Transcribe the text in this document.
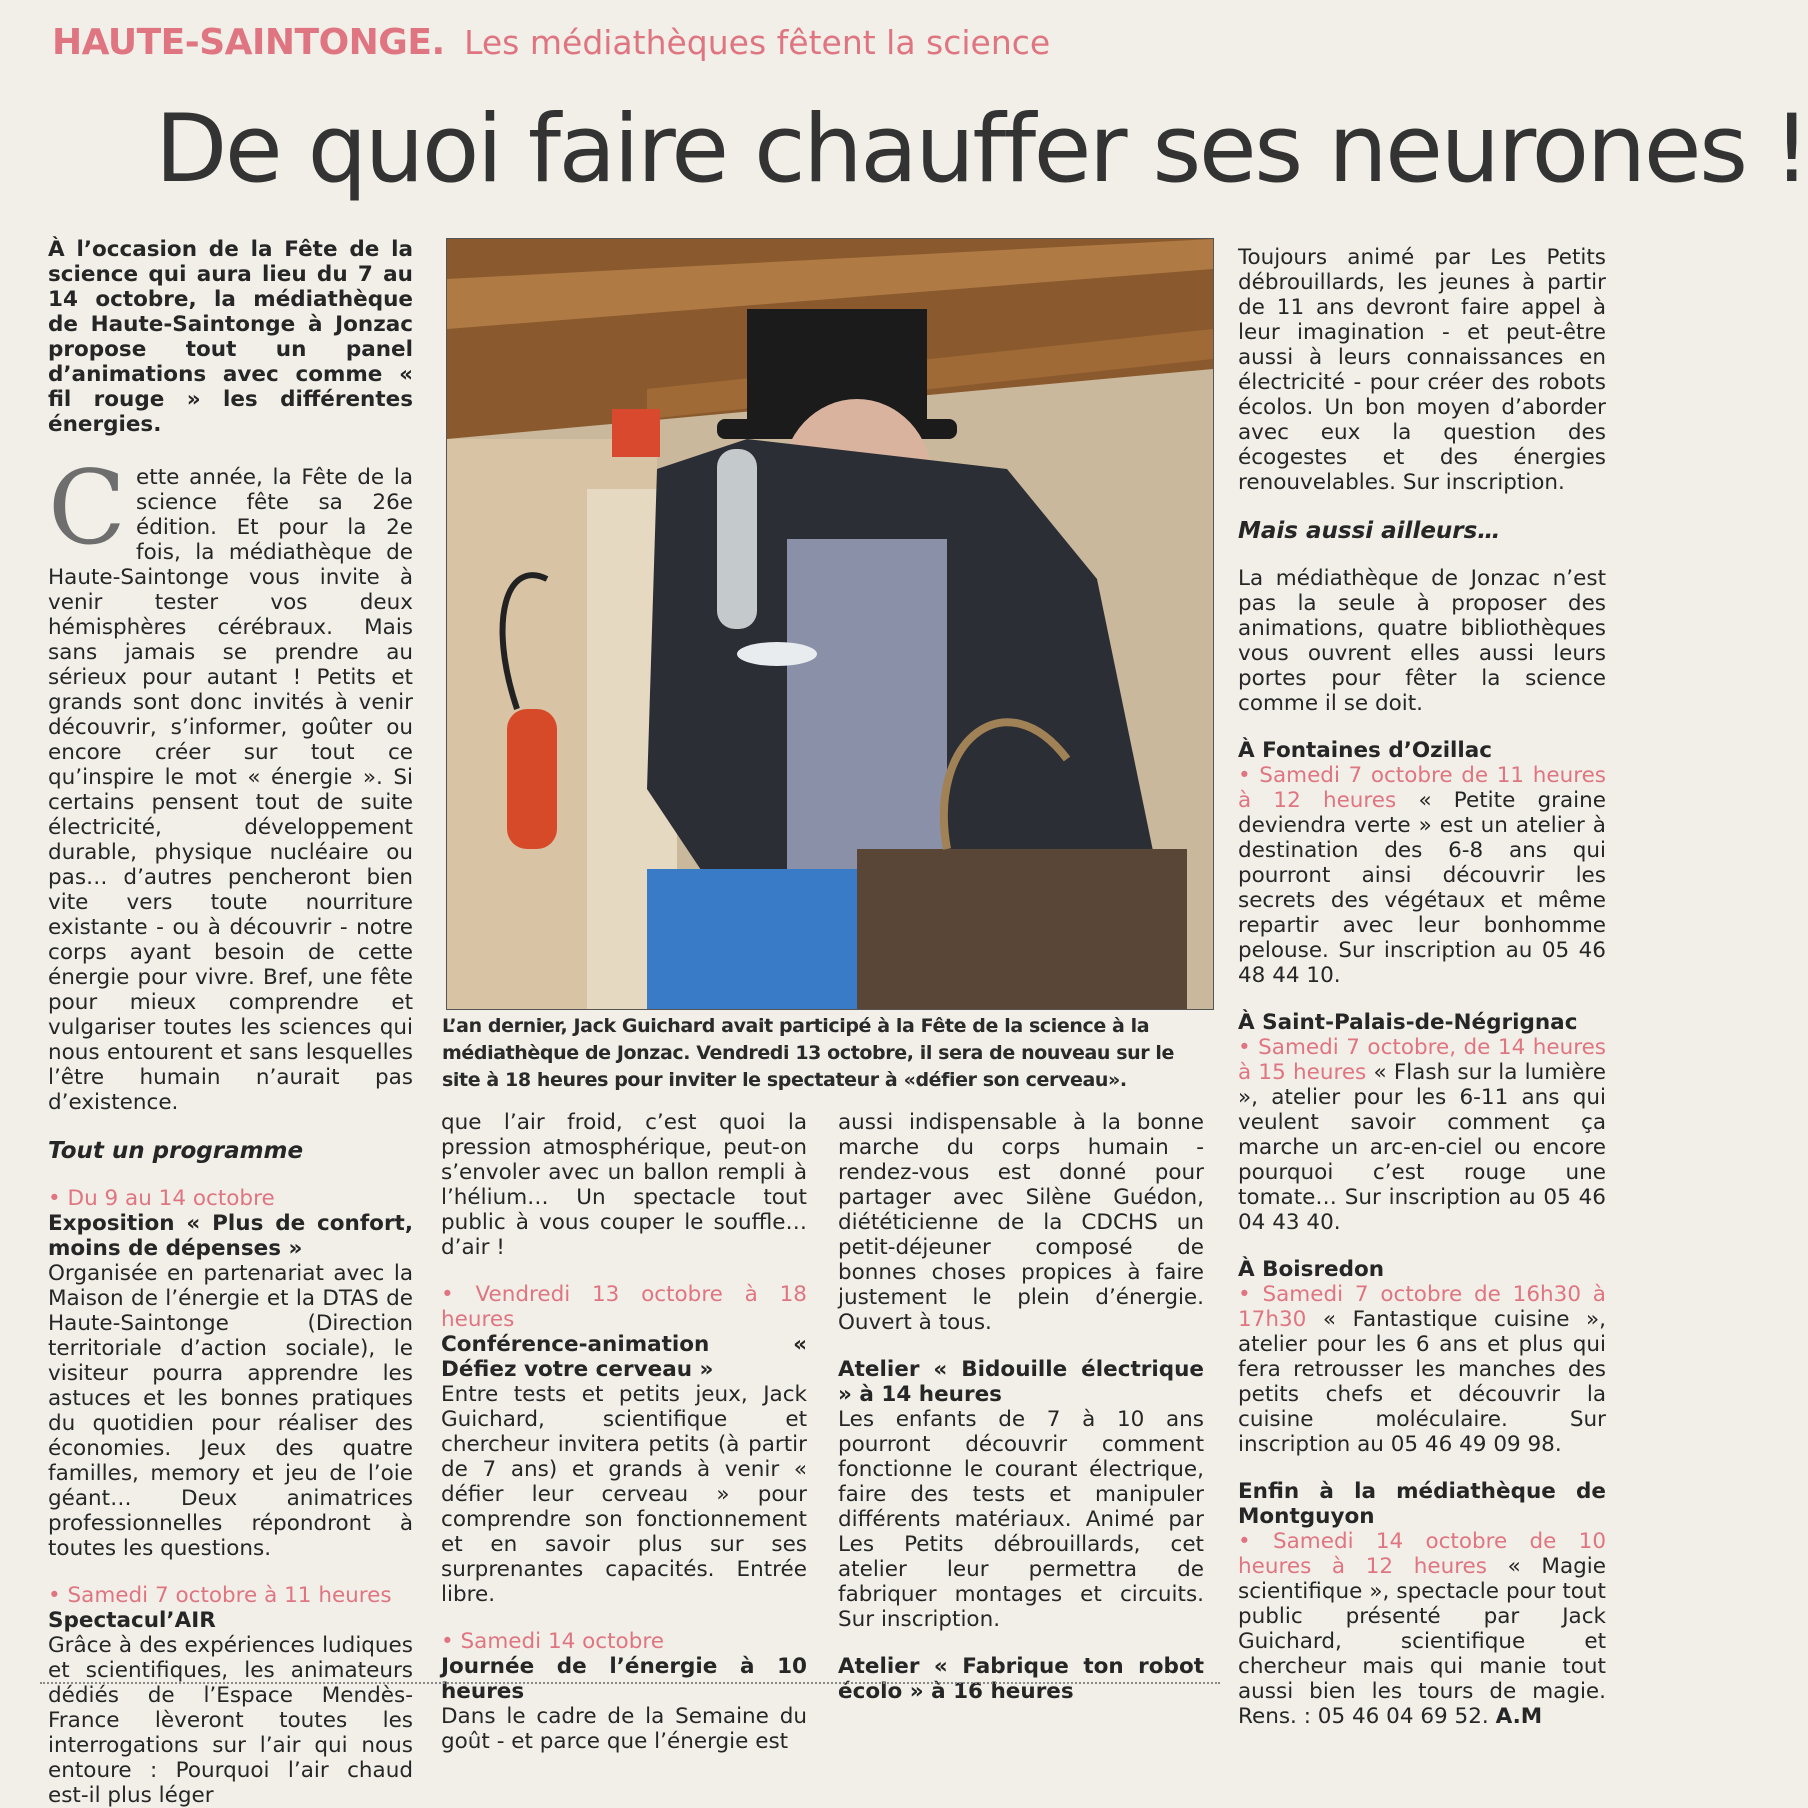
HAUTE-SAINTONGE. Les médiathèques fêtent la science
De quoi faire chauffer ses neurones !

À l’occasion de la Fête de la science qui aura lieu du 7 au 14 octobre, la médiathèque de Haute-Saintonge à Jonzac propose tout un panel d’animations avec comme « fil rouge » les différentes énergies.

Cette année, la Fête de la science fête sa 26e édition. Et pour la 2e fois, la médiathèque de Haute-Saintonge vous invite à venir tester vos deux hémisphères cérébraux. Mais sans jamais se prendre au sérieux pour autant ! Petits et grands sont donc invités à venir découvrir, s’informer, goûter ou encore créer sur tout ce qu’inspire le mot « énergie ». Si certains pensent tout de suite électricité, développement durable, physique nucléaire ou pas… d’autres pencheront bien vite vers toute nourriture existante - ou à découvrir - notre corps ayant besoin de cette énergie pour vivre. Bref, une fête pour mieux comprendre et vulgariser toutes les sciences qui nous entourent et sans lesquelles l’être humain n’aurait pas d’existence.

Tout un programme

• Du 9 au 14 octobre

Exposition « Plus de confort, moins de dépenses »

Organisée en partenariat avec la Maison de l’énergie et la DTAS de Haute-Saintonge (Direction territoriale d’action sociale), le visiteur pourra apprendre les astuces et les bonnes pratiques du quotidien pour réaliser des économies. Jeux des quatre familles, memory et jeu de l’oie géant… Deux animatrices professionnelles répondront à toutes les questions.

• Samedi 7 octobre à 11 heures

Spectacul’AIR

Grâce à des expériences ludiques et scientifiques, les animateurs dédiés de l’Espace Mendès-France lèveront toutes les interrogations sur l’air qui nous entoure : Pourquoi l’air chaud est-il plus léger

L’an dernier, Jack Guichard avait participé à la Fête de la science à la médiathèque de Jonzac. Vendredi 13 octobre, il sera de nouveau sur le site à 18 heures pour inviter le spectateur à «défier son cerveau».

que l’air froid, c’est quoi la pression atmosphérique, peut-on s’envoler avec un ballon rempli à l’hélium… Un spectacle tout public à vous couper le souffle… d’air !

• Vendredi 13 octobre à 18 heures

Conférence-animation « Défiez votre cerveau »

Entre tests et petits jeux, Jack Guichard, scientifique et chercheur invitera petits (à partir de 7 ans) et grands à venir « défier leur cerveau » pour comprendre son fonctionnement et en savoir plus sur ses surprenantes capacités. Entrée libre.

• Samedi 14 octobre

Journée de l’énergie à 10 heures

Dans le cadre de la Semaine du goût - et parce que l’énergie est

aussi indispensable à la bonne marche du corps humain - rendez-vous est donné pour partager avec Silène Guédon, diététicienne de la CDCHS un petit-déjeuner composé de bonnes choses propices à faire justement le plein d’énergie. Ouvert à tous.

Atelier « Bidouille électrique » à 14 heures

Les enfants de 7 à 10 ans pourront découvrir comment fonctionne le courant électrique, faire des tests et manipuler différents matériaux. Animé par Les Petits débrouillards, cet atelier leur permettra de fabriquer montages et circuits. Sur inscription.

Atelier « Fabrique ton robot écolo » à 16 heures

Toujours animé par Les Petits débrouillards, les jeunes à partir de 11 ans devront faire appel à leur imagination - et peut-être aussi à leurs connaissances en électricité - pour créer des robots écolos. Un bon moyen d’aborder avec eux la question des écogestes et des énergies renouvelables. Sur inscription.

Mais aussi ailleurs…

La médiathèque de Jonzac n’est pas la seule à proposer des animations, quatre bibliothèques vous ouvrent elles aussi leurs portes pour fêter la science comme il se doit.

À Fontaines d’Ozillac

• Samedi 7 octobre de 11 heures à 12 heures « Petite graine deviendra verte » est un atelier à destination des 6-8 ans qui pourront ainsi découvrir les secrets des végétaux et même repartir avec leur bonhomme pelouse. Sur inscription au 05 46 48 44 10.

À Saint-Palais-de-Négrignac

• Samedi 7 octobre, de 14 heures à 15 heures « Flash sur la lumière », atelier pour les 6-11 ans qui veulent savoir comment ça marche un arc-en-ciel ou encore pourquoi c’est rouge une tomate… Sur inscription au 05 46 04 43 40.

À Boisredon

• Samedi 7 octobre de 16h30 à 17h30 « Fantastique cuisine », atelier pour les 6 ans et plus qui fera retrousser les manches des petits chefs et découvrir la cuisine moléculaire. Sur inscription au 05 46 49 09 98.

Enfin à la médiathèque de Montguyon

• Samedi 14 octobre de 10 heures à 12 heures « Magie scientifique », spectacle pour tout public présenté par Jack Guichard, scientifique et chercheur mais qui manie tout aussi bien les tours de magie. Rens. : 05 46 04 69 52. A.M
